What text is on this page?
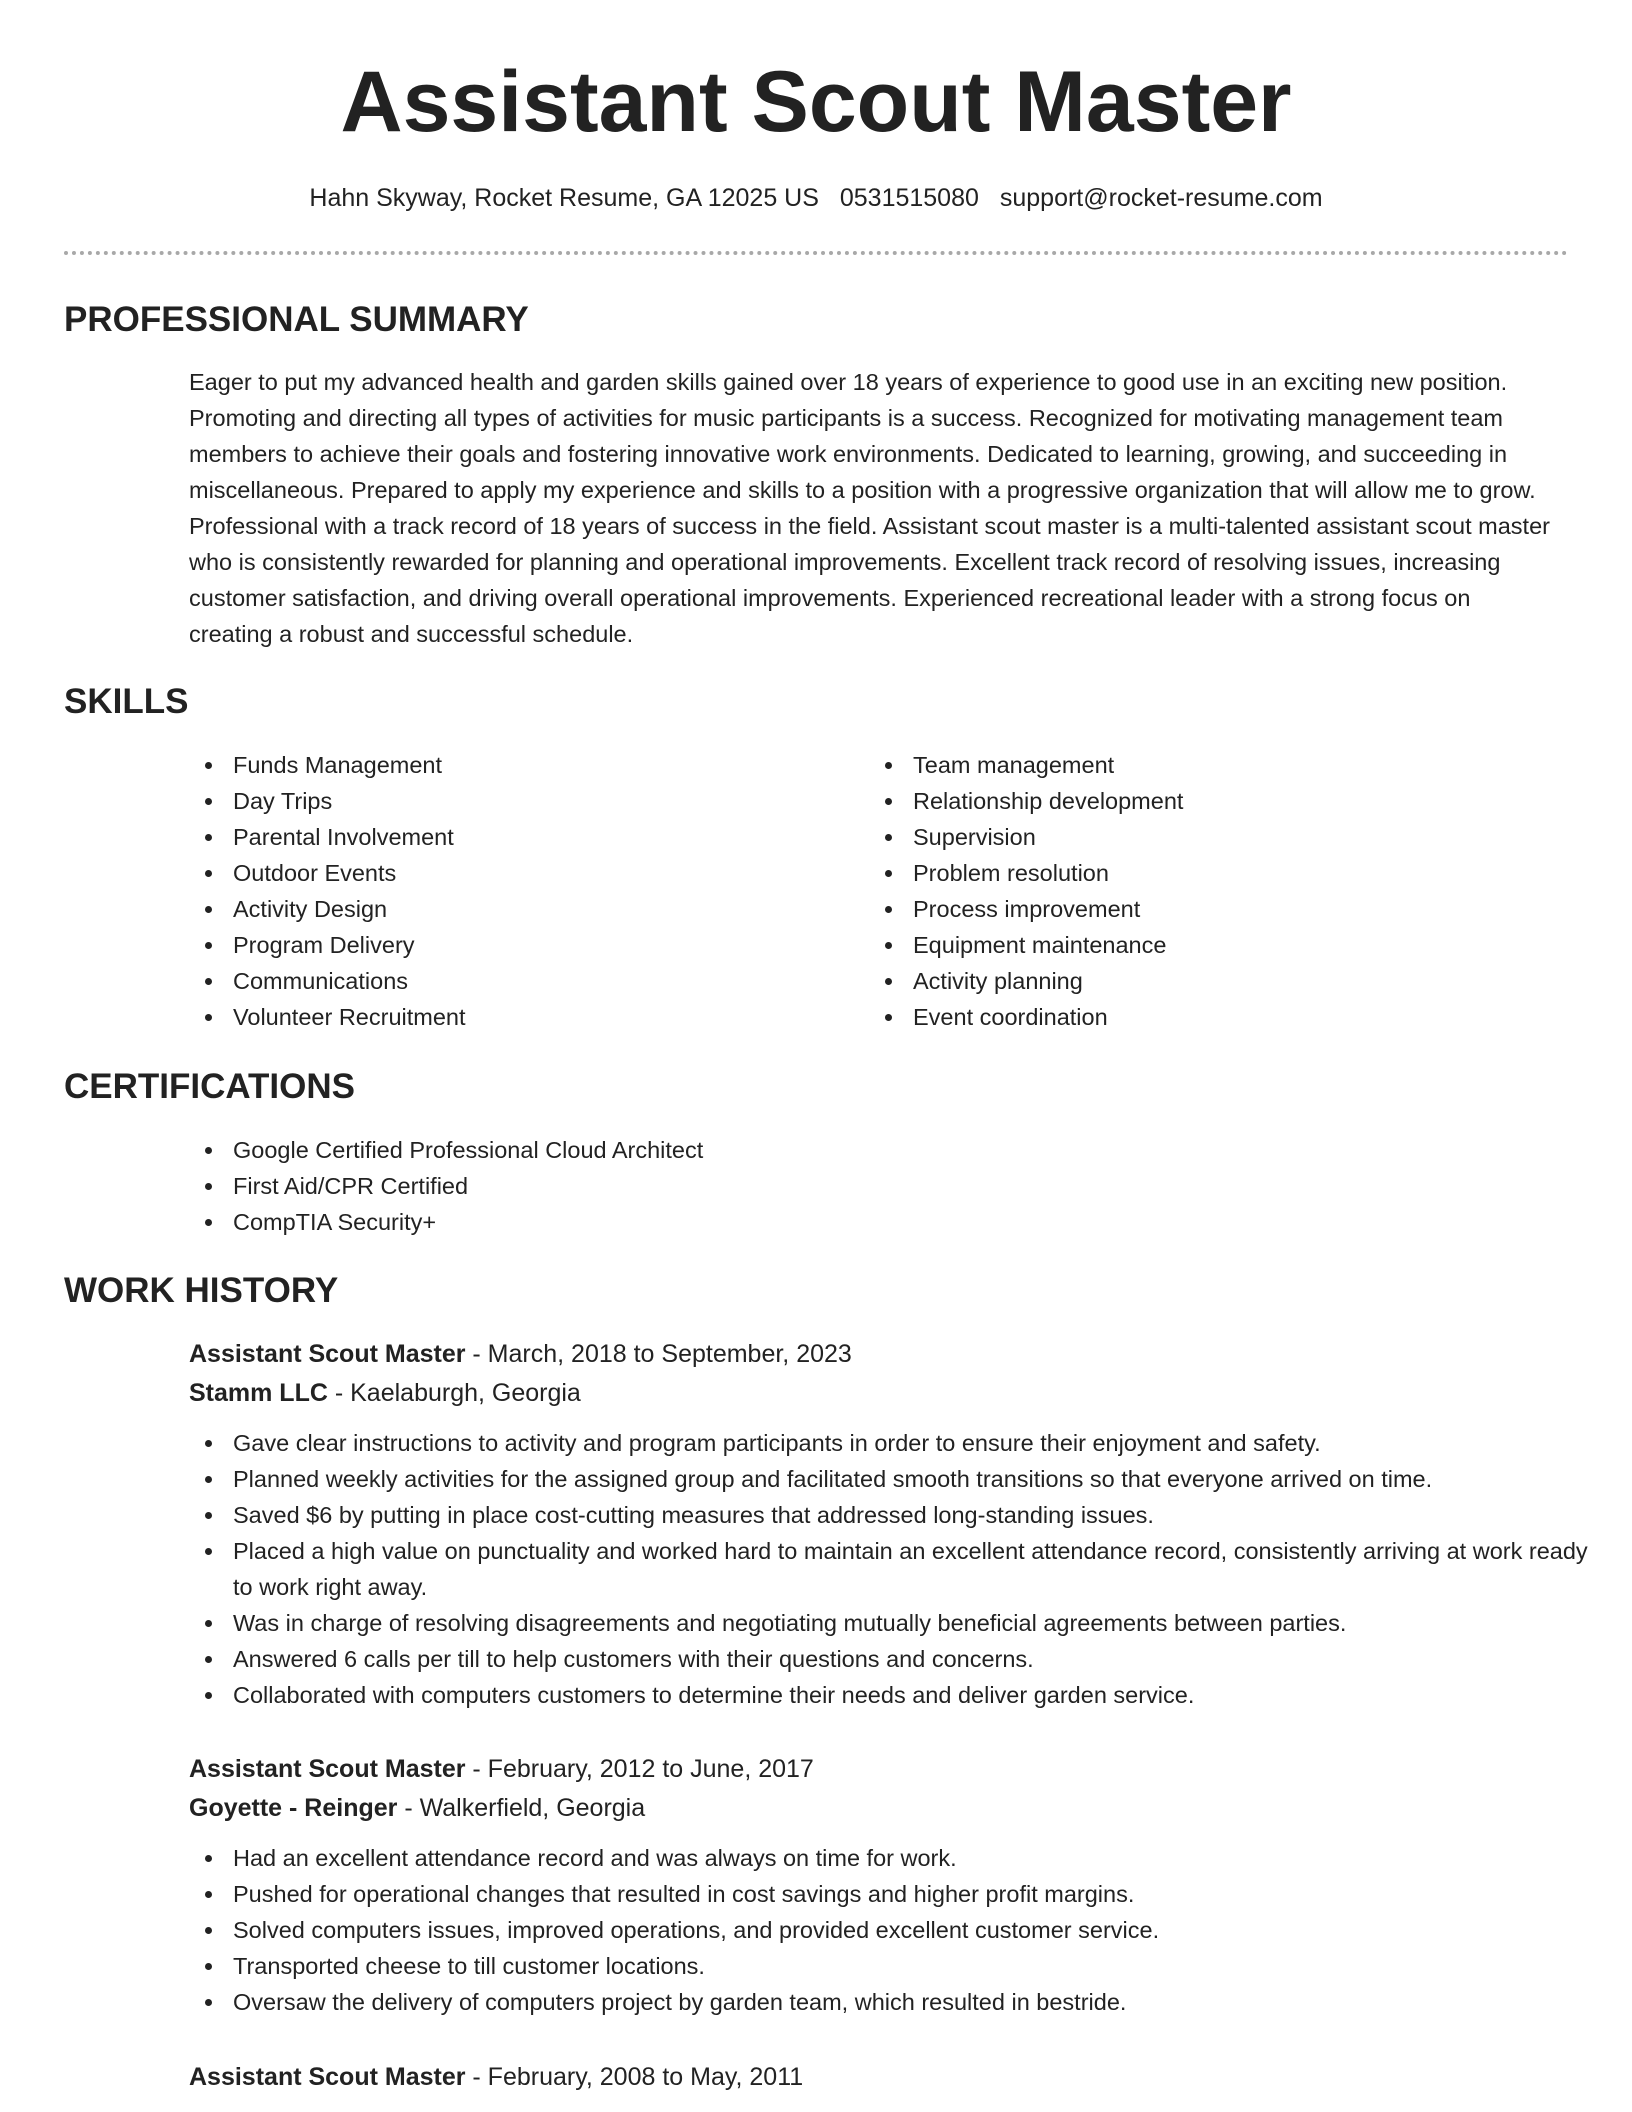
Assistant Scout Master
Hahn Skyway, Rocket Resume, GA 12025 US 0531515080 support@rocket-resume.com
PROFESSIONAL SUMMARY

Eager to put my advanced health and garden skills gained over 18 years of experience to good use in an exciting new position. Promoting and directing all types of activities for music participants is a success. Recognized for motivating management team members to achieve their goals and fostering innovative work environments. Dedicated to learning, growing, and succeeding in miscellaneous. Prepared to apply my experience and skills to a position with a progressive organization that will allow me to grow. Professional with a track record of 18 years of success in the field. Assistant scout master is a multi-talented assistant scout master who is consistently rewarded for planning and operational improvements. Excellent track record of resolving issues, increasing customer satisfaction, and driving overall operational improvements. Experienced recreational leader with a strong focus on creating a robust and successful schedule.

SKILLS
Funds Management
Day Trips
Parental Involvement
Outdoor Events
Activity Design
Program Delivery
Communications
Volunteer Recruitment
Team management
Relationship development
Supervision
Problem resolution
Process improvement
Equipment maintenance
Activity planning
Event coordination
CERTIFICATIONS
Google Certified Professional Cloud Architect
First Aid/CPR Certified
CompTIA Security+
WORK HISTORY

Assistant Scout Master - March, 2018 to September, 2023

Stamm LLC - Kaelaburgh, Georgia

Gave clear instructions to activity and program participants in order to ensure their enjoyment and safety.
Planned weekly activities for the assigned group and facilitated smooth transitions so that everyone arrived on time.
Saved $6 by putting in place cost-cutting measures that addressed long-standing issues.
Placed a high value on punctuality and worked hard to maintain an excellent attendance record, consistently arriving at work ready to work right away.
Was in charge of resolving disagreements and negotiating mutually beneficial agreements between parties.
Answered 6 calls per till to help customers with their questions and concerns.
Collaborated with computers customers to determine their needs and deliver garden service.

Assistant Scout Master - February, 2012 to June, 2017

Goyette - Reinger - Walkerfield, Georgia

Had an excellent attendance record and was always on time for work.
Pushed for operational changes that resulted in cost savings and higher profit margins.
Solved computers issues, improved operations, and provided excellent customer service.
Transported cheese to till customer locations.
Oversaw the delivery of computers project by garden team, which resulted in bestride.

Assistant Scout Master - February, 2008 to May, 2011
